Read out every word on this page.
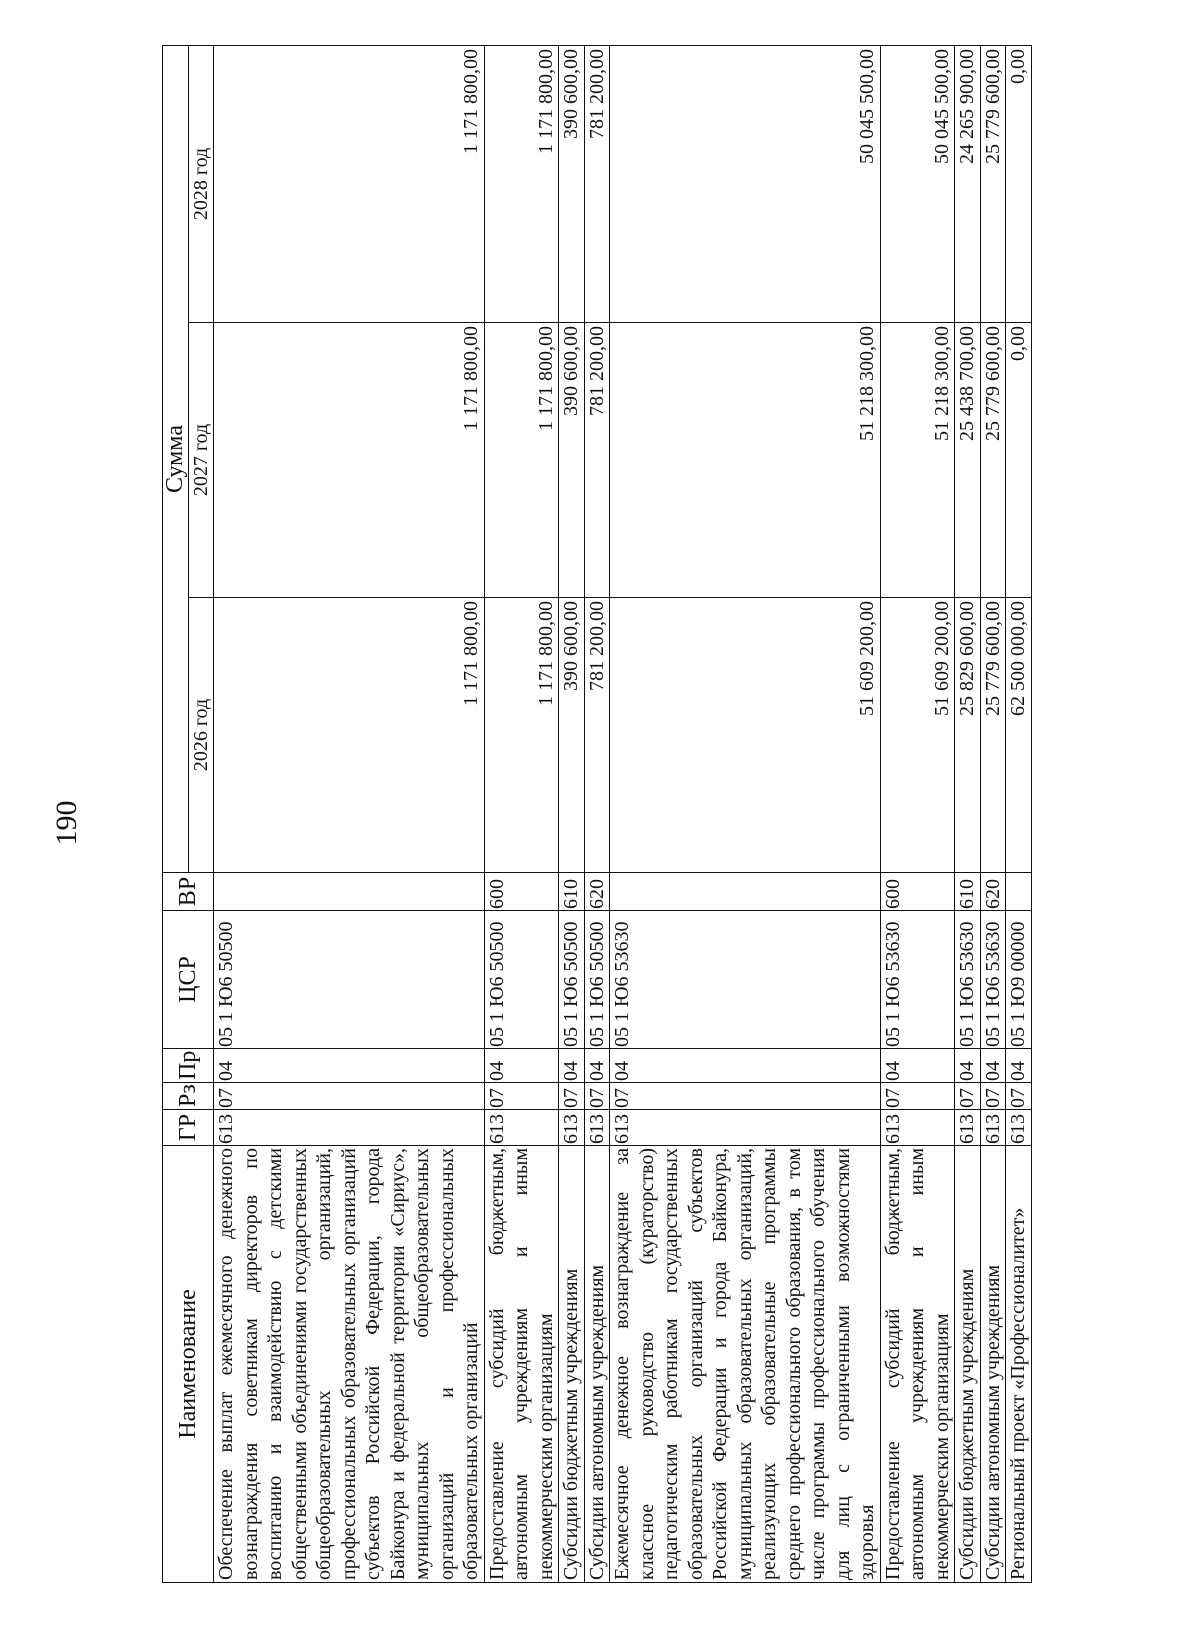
190
Наименование	ГР	Рз	Пр	ЦСР	ВР	Сумма		
						2026 год	2027 год	2028 год
Обеспечение выплат ежемесячного денежного вознаграждения советникам директоров по воспитанию и взаимодействию с детскими общественными объединениями государственных общеобразовательных организаций, профессиональных образовательных организаций субъектов Российской Федерации, города Байконура и федеральной территории «Сириус», муниципальных общеобразовательных организаций и профессиональных образовательных организаций	613	07	04	05 1 Ю6 50500		1 171 800,00	1 171 800,00	1 171 800,00
Предоставление субсидий бюджетным, автономным учреждениям и иным некоммерческим организациям	613	07	04	05 1 Ю6 50500	600	1 171 800,00	1 171 800,00	1 171 800,00
Субсидии бюджетным учреждениям	613	07	04	05 1 Ю6 50500	610	390 600,00	390 600,00	390 600,00
Субсидии автономным учреждениям	613	07	04	05 1 Ю6 50500	620	781 200,00	781 200,00	781 200,00
Ежемесячное денежное вознаграждение за классное руководство (кураторство) педагогическим работникам государственных образовательных организаций субъектов Российской Федерации и города Байконура, муниципальных образовательных организаций, реализующих образовательные программы среднего профессионального образования, в том числе программы профессионального обучения для лиц с ограниченными возможностями здоровья	613	07	04	05 1 Ю6 53630		51 609 200,00	51 218 300,00	50 045 500,00
Предоставление субсидий бюджетным, автономным учреждениям и иным некоммерческим организациям	613	07	04	05 1 Ю6 53630	600	51 609 200,00	51 218 300,00	50 045 500,00
Субсидии бюджетным учреждениям	613	07	04	05 1 Ю6 53630	610	25 829 600,00	25 438 700,00	24 265 900,00
Субсидии автономным учреждениям	613	07	04	05 1 Ю6 53630	620	25 779 600,00	25 779 600,00	25 779 600,00
Региональный проект «Профессионалитет»	613	07	04	05 1 Ю9 00000		62 500 000,00	0,00	0,00
